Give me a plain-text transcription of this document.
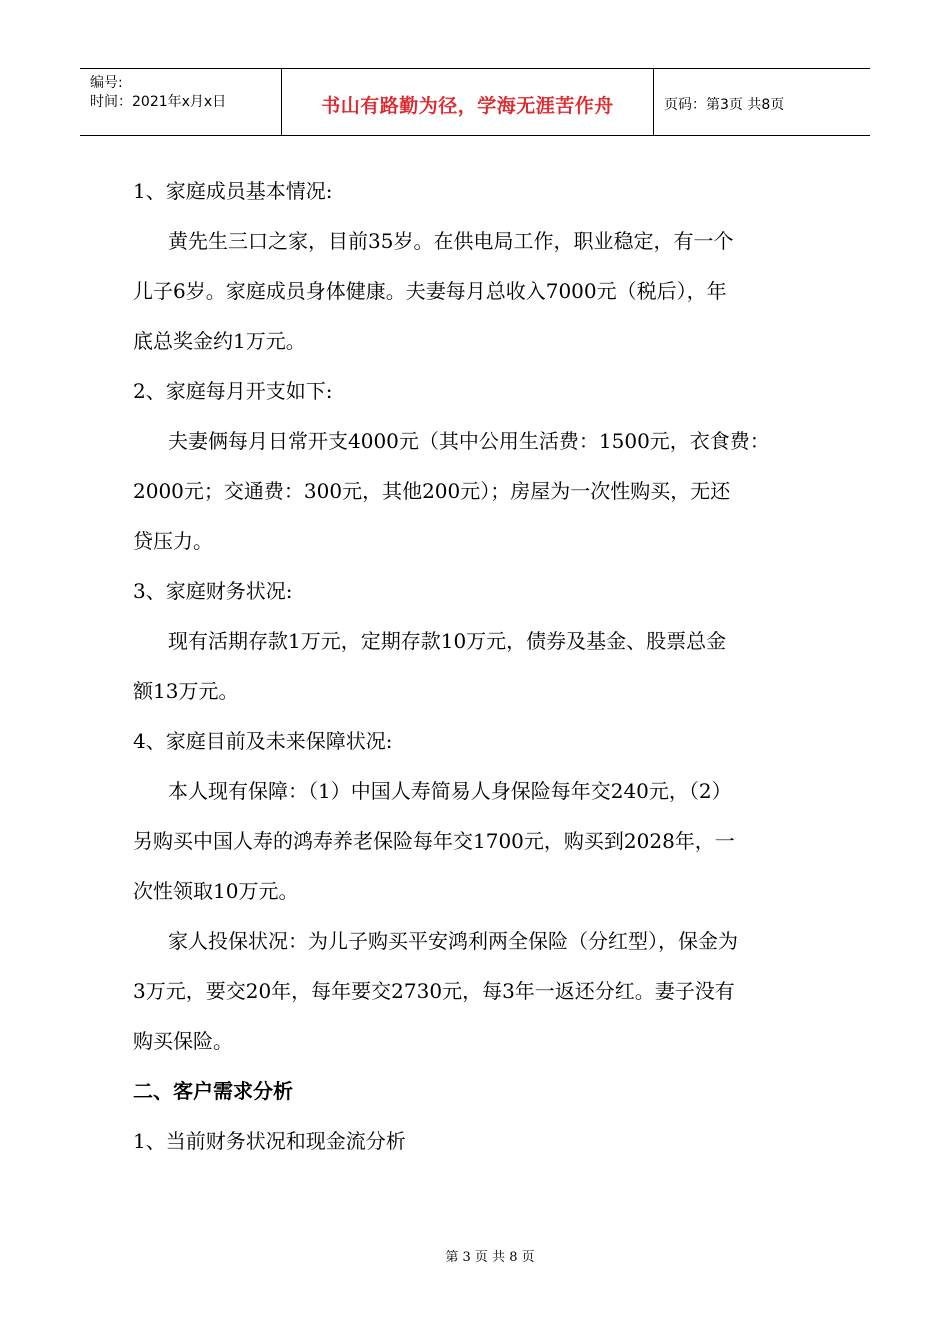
编号:
时间：2021年x月x日	书山有路勤为径，学海无涯苦作舟	页码：第3页 共8页

1、家庭成员基本情况:

黄先生三口之家，目前35岁。在供电局工作，职业稳定，有一个
儿子6岁。家庭成员身体健康。夫妻每月总收入7000元（税后），年
底总奖金约1万元。

2、家庭每月开支如下:

夫妻俩每月日常开支4000元（其中公用生活费：1500元，衣食费：
2000元；交通费：300元，其他200元）；房屋为一次性购买，无还
贷压力。

3、家庭财务状况:

现有活期存款1万元，定期存款10万元，债券及基金、股票总金
额13万元。

4、家庭目前及未来保障状况:

本人现有保障：（1）中国人寿简易人身保险每年交240元，（2）
另购买中国人寿的鸿寿养老保险每年交1700元，购买到2028年，一
次性领取10万元。
家人投保状况：为儿子购买平安鸿利两全保险（分红型），保金为
3万元，要交20年，每年要交2730元，每3年一返还分红。妻子没有
购买保险。

二、客户需求分析

1、当前财务状况和现金流分析

第 3 页 共 8 页
